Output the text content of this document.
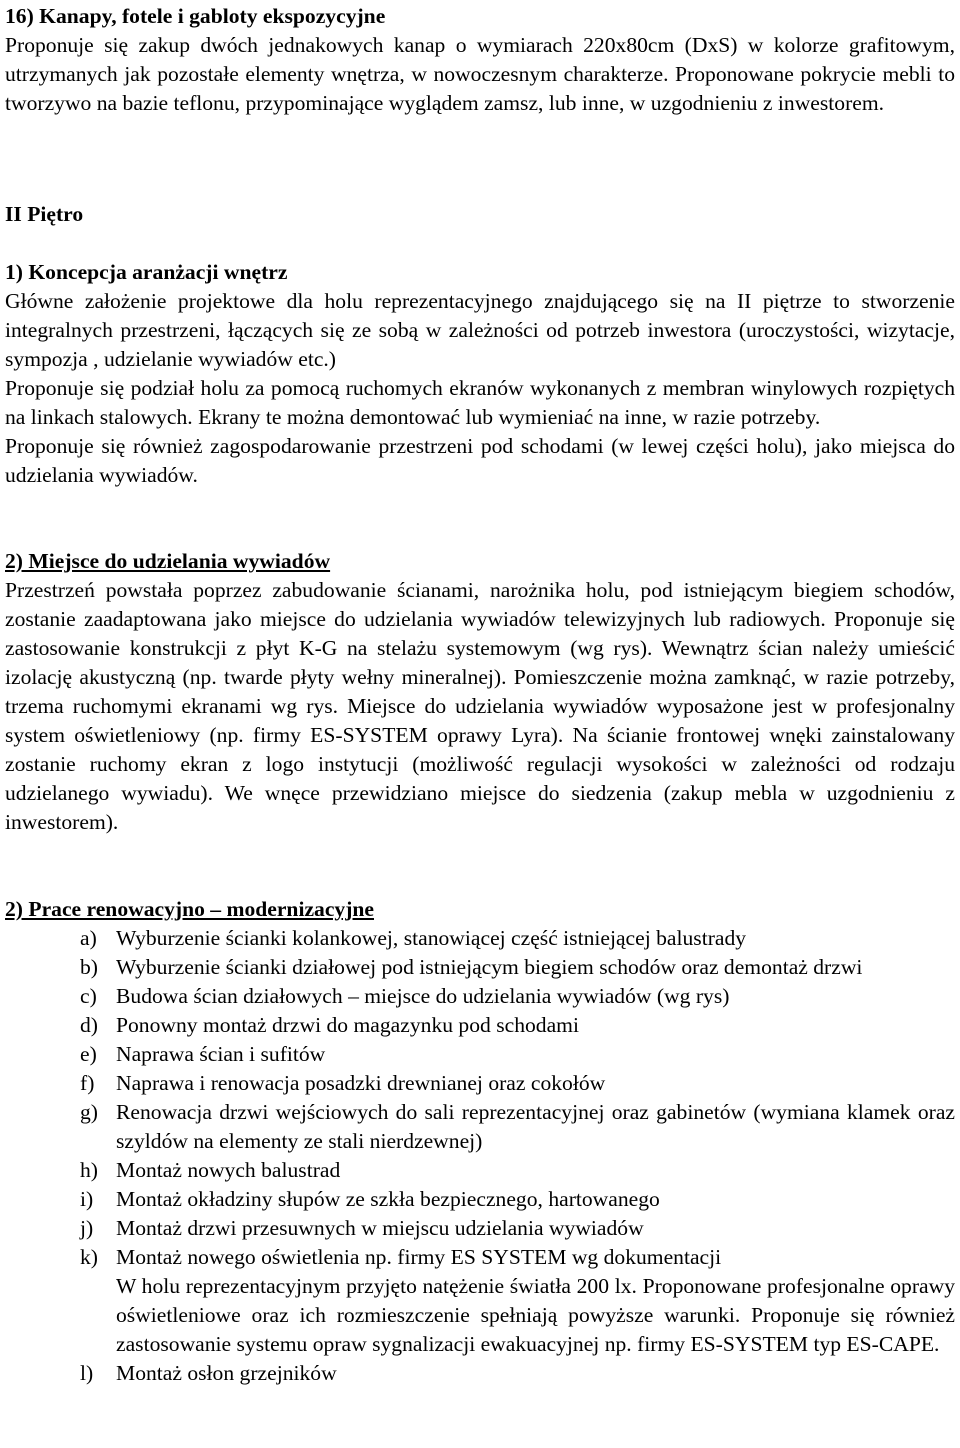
16) Kanapy, fotele i gabloty ekspozycyjne

Proponuje się zakup dwóch jednakowych kanap o wymiarach 220x80cm (DxS) w kolorze grafitowym, utrzymanych jak pozostałe elementy wnętrza, w nowoczesnym charakterze. Proponowane pokrycie mebli to tworzywo na bazie teflonu, przypominające wyglądem zamsz, lub inne, w uzgodnieniu z inwestorem.

II Piętro

1) Koncepcja aranżacji wnętrz

Główne założenie projektowe dla holu reprezentacyjnego znajdującego się na II piętrze to stworzenie integralnych przestrzeni, łączących się ze sobą w zależności od potrzeb inwestora (uroczystości, wizytacje, sympozja , udzielanie wywiadów etc.)

Proponuje się podział holu za pomocą ruchomych ekranów wykonanych z membran winylowych rozpiętych na linkach stalowych. Ekrany te można demontować lub wymieniać na inne, w razie potrzeby.

Proponuje się również zagospodarowanie przestrzeni pod schodami (w lewej części holu), jako miejsca do udzielania wywiadów.

2) Miejsce do udzielania wywiadów

Przestrzeń powstała poprzez zabudowanie ścianami, narożnika holu, pod istniejącym biegiem schodów, zostanie zaadaptowana jako miejsce do udzielania wywiadów telewizyjnych lub radiowych. Proponuje się zastosowanie konstrukcji z płyt K-G na stelażu systemowym (wg rys). Wewnątrz ścian należy umieścić izolację akustyczną (np. twarde płyty wełny mineralnej). Pomieszczenie można zamknąć, w razie potrzeby, trzema ruchomymi ekranami wg rys. Miejsce do udzielania wywiadów wyposażone jest w profesjonalny system oświetleniowy (np. firmy ES-SYSTEM oprawy Lyra). Na ścianie frontowej wnęki zainstalowany zostanie ruchomy ekran z logo instytucji (możliwość regulacji wysokości w zależności od rodzaju udzielanego wywiadu). We wnęce przewidziano miejsce do siedzenia (zakup mebla w uzgodnieniu z inwestorem).

2) Prace renowacyjno – modernizacyjne

a) Wyburzenie ścianki kolankowej, stanowiącej część istniejącej balustrady
b) Wyburzenie ścianki działowej pod istniejącym biegiem schodów oraz demontaż drzwi
c) Budowa ścian działowych – miejsce do udzielania wywiadów (wg rys)
d) Ponowny montaż drzwi do magazynku pod schodami
e) Naprawa ścian i sufitów
f)	Naprawa i renowacja posadzki drewnianej oraz cokołów
g) Renowacja drzwi wejściowych do sali reprezentacyjnej oraz gabinetów (wymiana klamek oraz szyldów na elementy ze stali nierdzewnej)
h) Montaż nowych balustrad
i)	Montaż okładziny słupów ze szkła bezpiecznego, hartowanego
j)	Montaż drzwi przesuwnych w miejscu udzielania wywiadów
k) Montaż nowego oświetlenia np. firmy ES SYSTEM wg dokumentacji
W holu reprezentacyjnym przyjęto natężenie światła 200 lx. Proponowane profesjonalne oprawy oświetleniowe oraz ich rozmieszczenie spełniają powyższe warunki. Proponuje się również zastosowanie systemu opraw sygnalizacji ewakuacyjnej np. firmy ES-SYSTEM typ ES-CAPE.
l)	Montaż osłon grzejników
